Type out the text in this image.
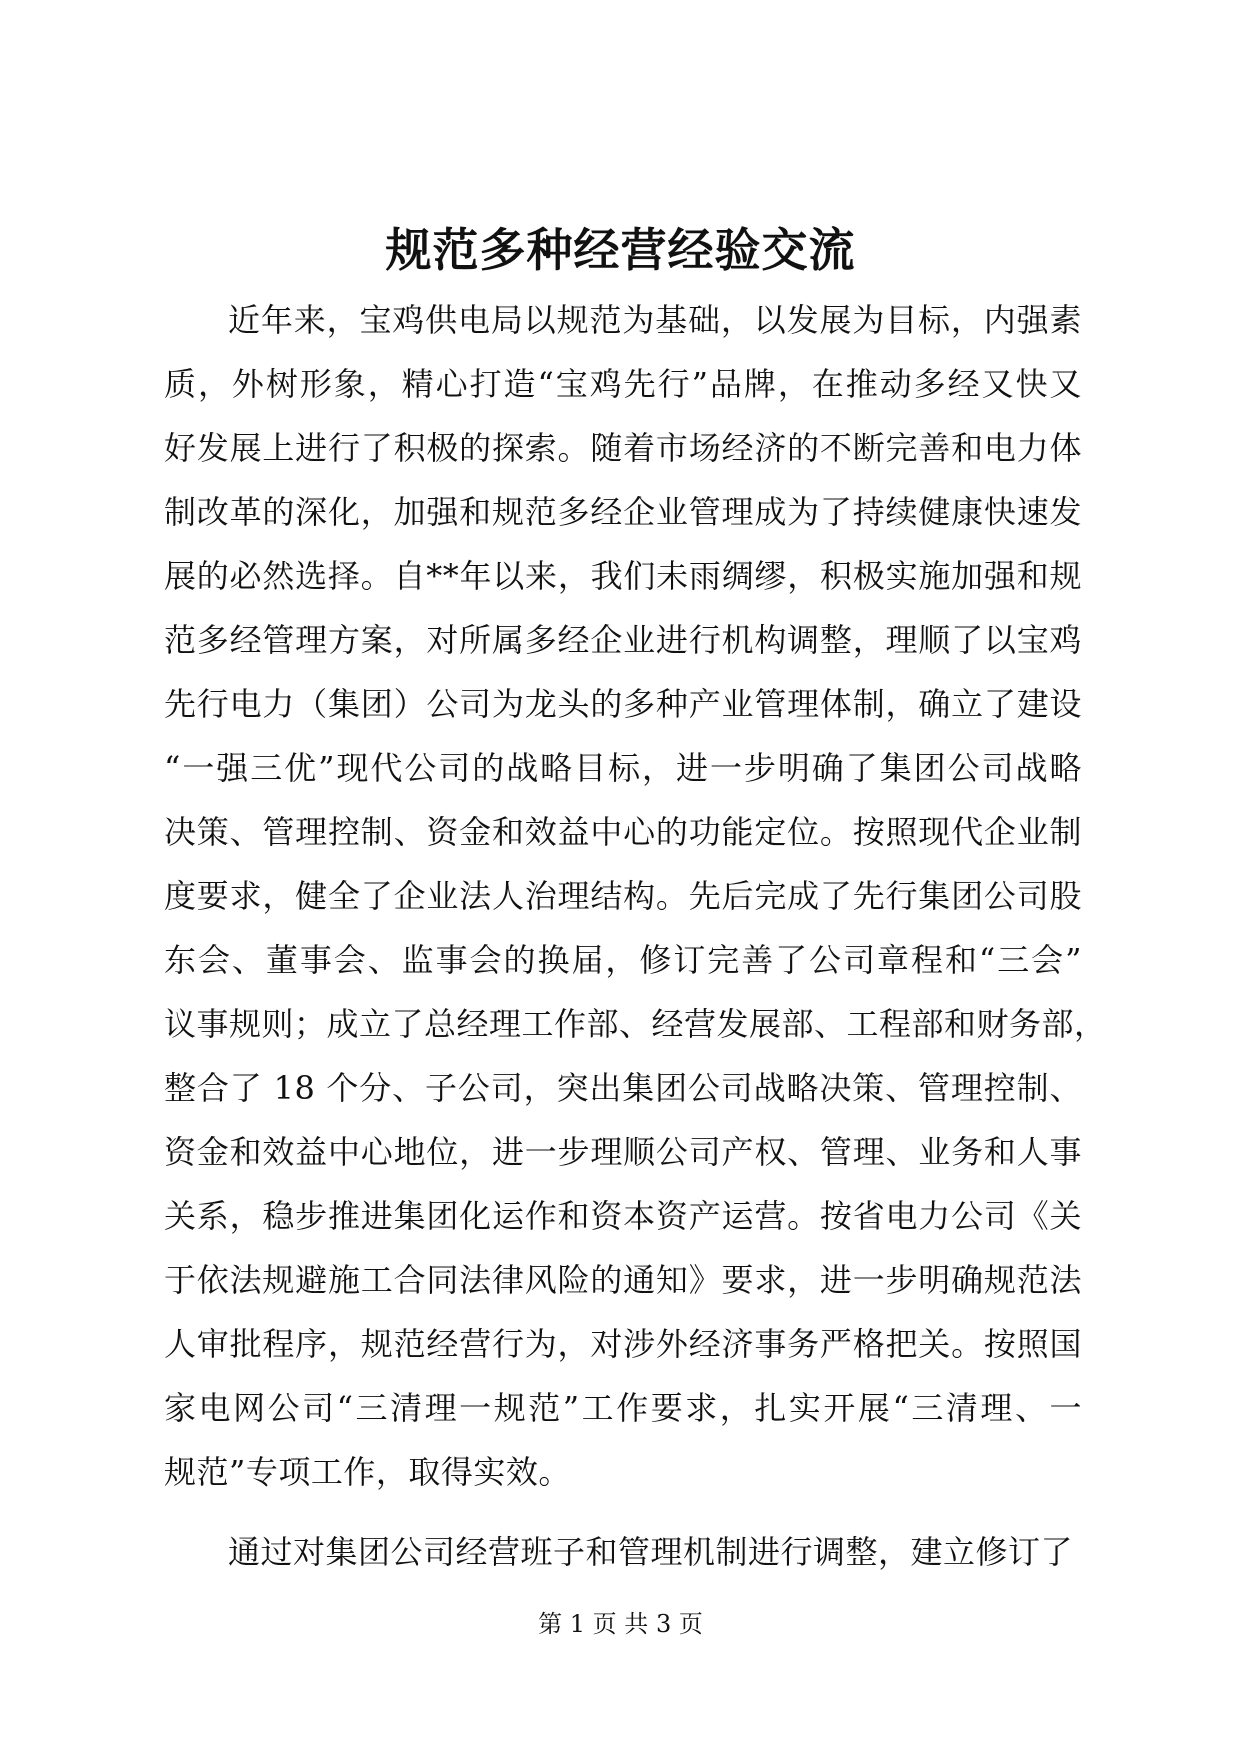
规范多种经营经验交流
近年来，宝鸡供电局以规范为基础，以发展为目标，内强素
质，外树形象，精心打造“宝鸡先行”品牌，在推动多经又快又
好发展上进行了积极的探索。随着市场经济的不断完善和电力体
制改革的深化，加强和规范多经企业管理成为了持续健康快速发
展的必然选择。自**年以来，我们未雨绸缪，积极实施加强和规
范多经管理方案，对所属多经企业进行机构调整，理顺了以宝鸡
先行电力（集团）公司为龙头的多种产业管理体制，确立了建设
“一强三优”现代公司的战略目标，进一步明确了集团公司战略
决策、管理控制、资金和效益中心的功能定位。按照现代企业制
度要求，健全了企业法人治理结构。先后完成了先行集团公司股
东会、董事会、监事会的换届，修订完善了公司章程和“三会”
议事规则；成立了总经理工作部、经营发展部、工程部和财务部，
整合了 18 个分、子公司，突出集团公司战略决策、管理控制、
资金和效益中心地位，进一步理顺公司产权、管理、业务和人事
关系，稳步推进集团化运作和资本资产运营。按省电力公司《关
于依法规避施工合同法律风险的通知》要求，进一步明确规范法
人审批程序，规范经营行为，对涉外经济事务严格把关。按照国
家电网公司“三清理一规范”工作要求，扎实开展“三清理、一
规范”专项工作，取得实效。
通过对集团公司经营班子和管理机制进行调整，建立修订了
第 1 页 共 3 页
